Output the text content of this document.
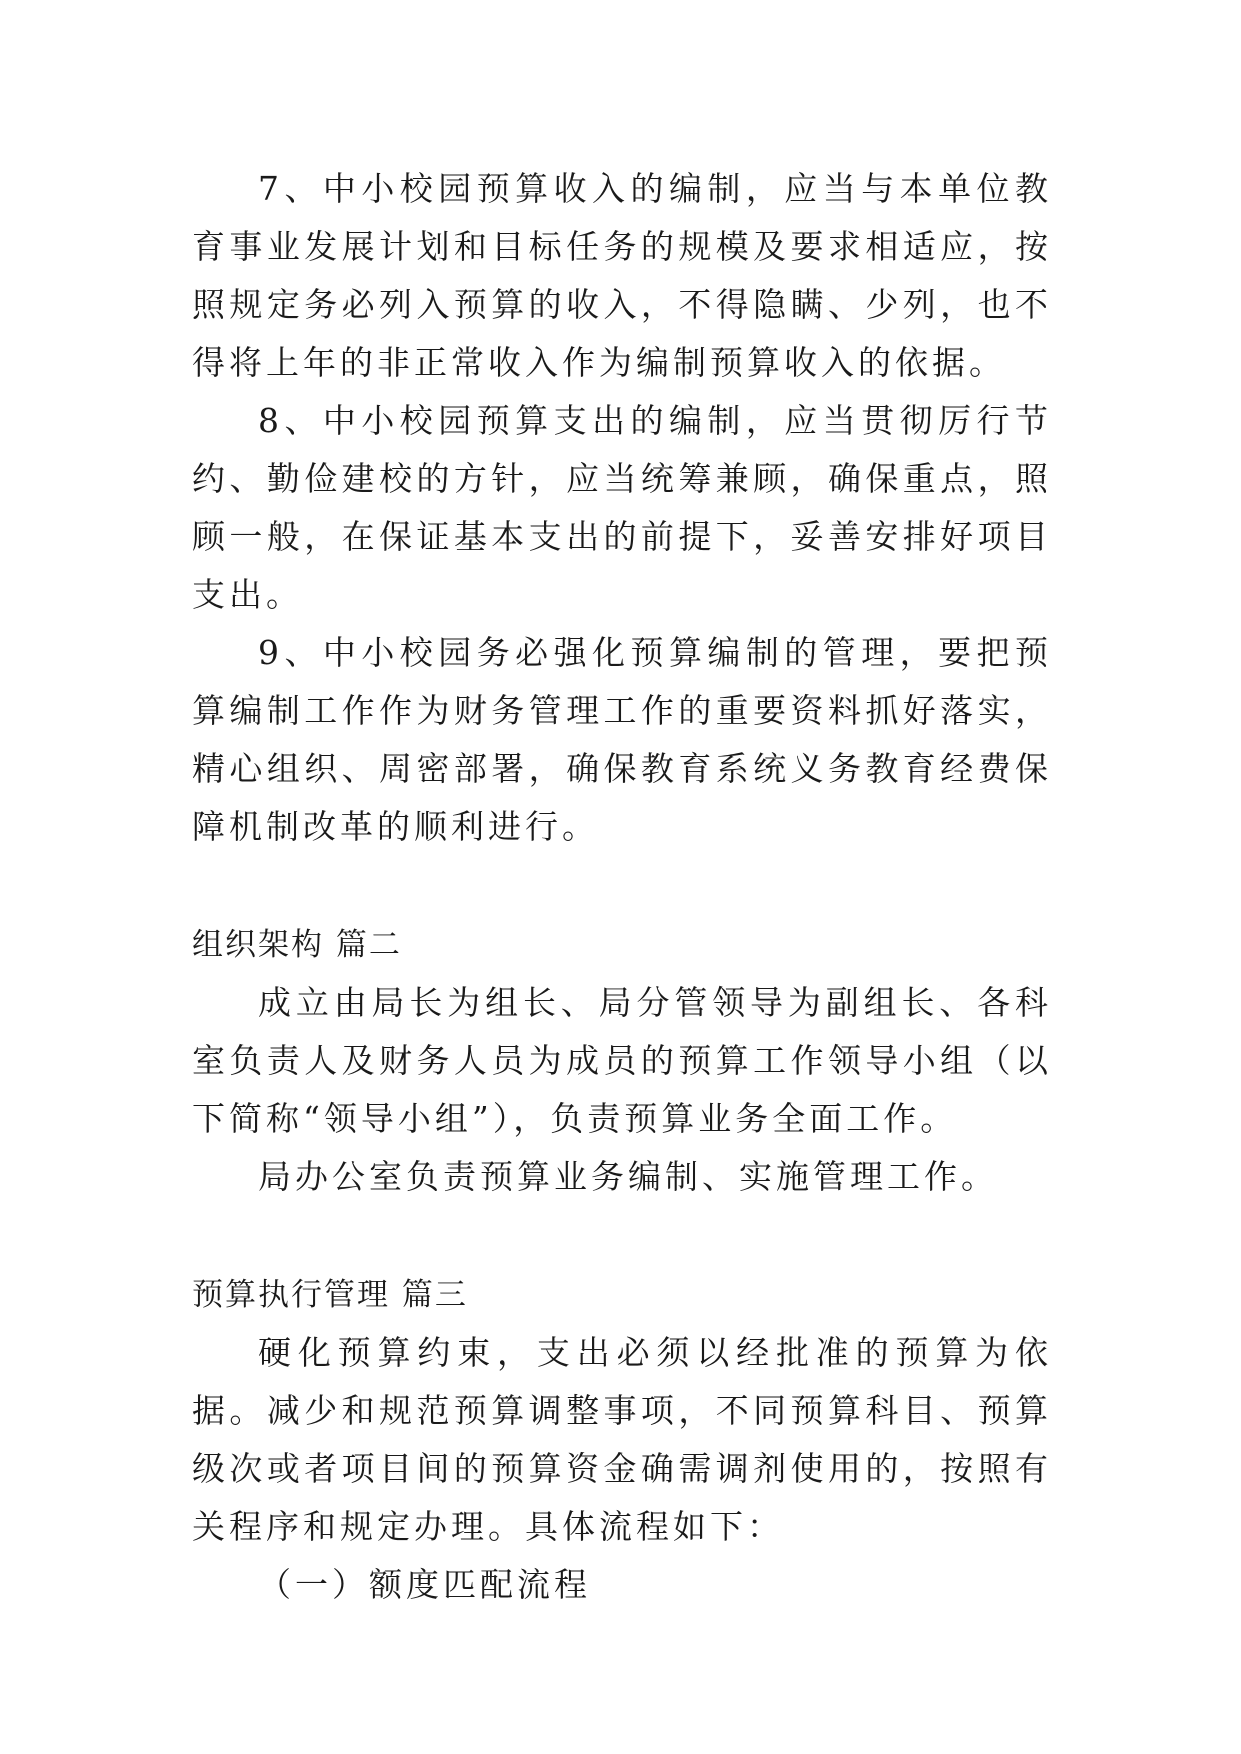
7、中小校园预算收入的编制，应当与本单位教育事业发展计划和目标任务的规模及要求相适应，按照规定务必列入预算的收入，不得隐瞒、少列，也不得将上年的非正常收入作为编制预算收入的依据。

8、中小校园预算支出的编制，应当贯彻厉行节约、勤俭建校的方针，应当统筹兼顾，确保重点，照顾一般，在保证基本支出的前提下，妥善安排好项目支出。

9、中小校园务必强化预算编制的管理，要把预算编制工作作为财务管理工作的重要资料抓好落实，精心组织、周密部署，确保教育系统义务教育经费保障机制改革的顺利进行。

组织架构 篇二

成立由局长为组长、局分管领导为副组长、各科室负责人及财务人员为成员的预算工作领导小组（以下简称“领导小组”），负责预算业务全面工作。

局办公室负责预算业务编制、实施管理工作。

预算执行管理 篇三

硬化预算约束，支出必须以经批准的预算为依据。减少和规范预算调整事项，不同预算科目、预算级次或者项目间的预算资金确需调剂使用的，按照有关程序和规定办理。具体流程如下：

（一）额度匹配流程
